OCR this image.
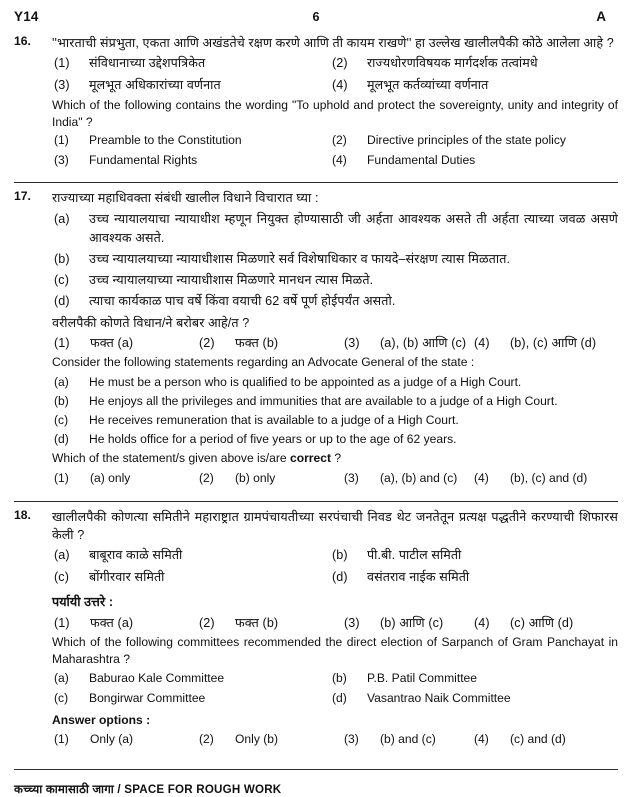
Y14	6	A
16. ''भारताची संप्रभुता, एकता आणि अखंडतेचे रक्षण करणे आणि ती कायम राखणे'' हा उल्लेख खालीलपैकी कोठे आलेला आहे ?
(1) संविधानाच्या उद्देशपत्रिकेत	(2) राज्यधोरणविषयक मार्गदर्शक तत्वांमधे
(3) मूलभूत अधिकारांच्या वर्णनात	(4) मूलभूत कर्तव्यांच्या वर्णनात
Which of the following contains the wording "To uphold and protect the sovereignty, unity and integrity of India" ?
(1) Preamble to the Constitution	(2) Directive principles of the state policy
(3) Fundamental Rights	(4) Fundamental Duties
17. राज्याच्या महाधिवक्ता संबंधी खालील विधाने विचारात घ्या :
(a) उच्च न्यायालयाचा न्यायाधीश म्हणून नियुक्त होण्यासाठी जी अर्हता आवश्यक असते ती अर्हता त्याच्या जवळ असणे आवश्यक असते.
(b) उच्च न्यायालयाच्या न्यायाधीशास मिळणारे सर्व विशेषाधिकार व फायदे–संरक्षण त्यास मिळतात.
(c) उच्च न्यायालयाच्या न्यायाधीशास मिळणारे मानधन त्यास मिळते.
(d) त्याचा कार्यकाळ पाच वर्षे किंवा वयाची 62 वर्षे पूर्ण होईपर्यंत असतो.
वरीलपैकी कोणते विधान/ने बरोबर आहे/त ?
(1) फक्त (a)	(2) फक्त (b)	(3) (a), (b) आणि (c) (4) (b), (c) आणि (d)
Consider the following statements regarding an Advocate General of the state :
(a) He must be a person who is qualified to be appointed as a judge of a High Court.
(b) He enjoys all the privileges and immunities that are available to a judge of a High Court.
(c) He receives remuneration that is available to a judge of a High Court.
(d) He holds office for a period of five years or up to the age of 62 years.
Which of the statement/s given above is/are correct ?
(1) (a) only	(2) (b) only	(3) (a), (b) and (c) (4) (b), (c) and (d)
18. खालीलपैकी कोणत्या समितीने महाराष्ट्रात ग्रामपंचायतीच्या सरपंचाची निवड थेट जनतेतून प्रत्यक्ष पद्धतीने करण्याची शिफारस केली ?
(a) बाबूराव काळे समिती	(b) पी.बी. पाटील समिती
(c) बोंगीरवार समिती	(d) वसंतराव नाईक समिती
पर्यायी उत्तरे :
(1) फक्त (a)	(2) फक्त (b)	(3) (b) आणि (c) (4) (c) आणि (d)
Which of the following committees recommended the direct election of Sarpanch of Gram Panchayat in Maharashtra ?
(a) Baburao Kale Committee	(b) P.B. Patil Committee
(c) Bongirwar Committee	(d) Vasantrao Naik Committee
Answer options :
(1) Only (a)	(2) Only (b)	(3) (b) and (c)	(4) (c) and (d)
कच्च्या कामासाठी जागा / SPACE FOR ROUGH WORK
